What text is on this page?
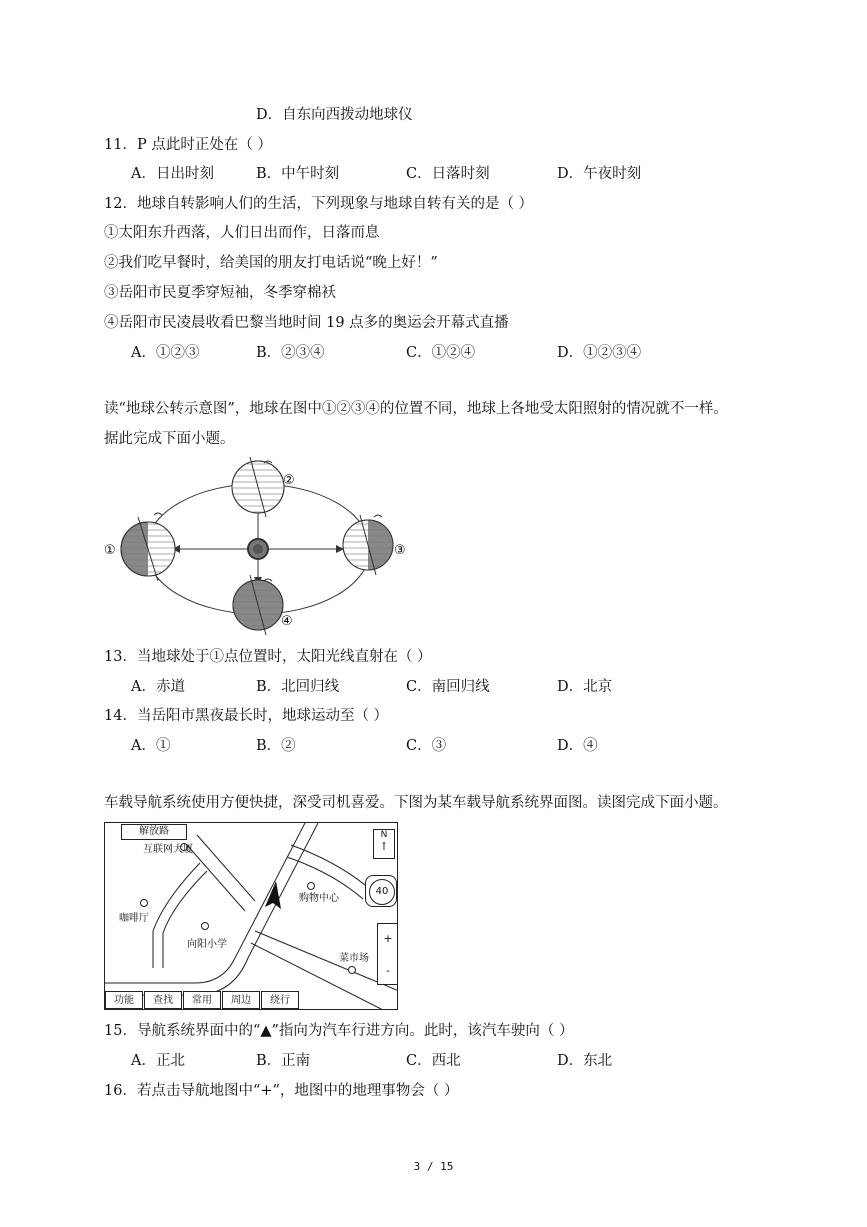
D．自东向西拨动地球仪
11．P 点此时正处在（ ）
A．日出时刻	B．中午时刻	C．日落时刻	D．午夜时刻
12．地球自转影响人们的生活，下列现象与地球自转有关的是（ ）
①太阳东升西落，人们日出而作，日落而息
②我们吃早餐时，给美国的朋友打电话说“晚上好！”
③岳阳市民夏季穿短袖，冬季穿棉袄
④岳阳市民凌晨收看巴黎当地时间 19 点多的奥运会开幕式直播
A．①②③	B．②③④	C．①②④	D．①②③④
读“地球公转示意图”，地球在图中①②③④的位置不同，地球上各地受太阳照射的情况就不一样。
据此完成下面小题。
①
②
③
④
13．当地球处于①点位置时，太阳光线直射在（ ）
A．赤道	B．北回归线	C．南回归线	D．北京
14．当岳阳市黑夜最长时，地球运动至（ ）
A．①	B．②	C．③	D．④
车载导航系统使用方便快捷，深受司机喜爱。下图为某车载导航系统界面图。读图完成下面小题。
解放路
互联网大厦
咖啡厅
向阳小学
购物中心
菜市场
N
↑
40
+
-
功能	查找	常用	周边	绕行
15．导航系统界面中的“▲”指向为汽车行进方向。此时，该汽车驶向（ ）
A．正北	B．正南	C．西北	D．东北
16．若点击导航地图中“+”，地图中的地理事物会（ ）
3 / 15
